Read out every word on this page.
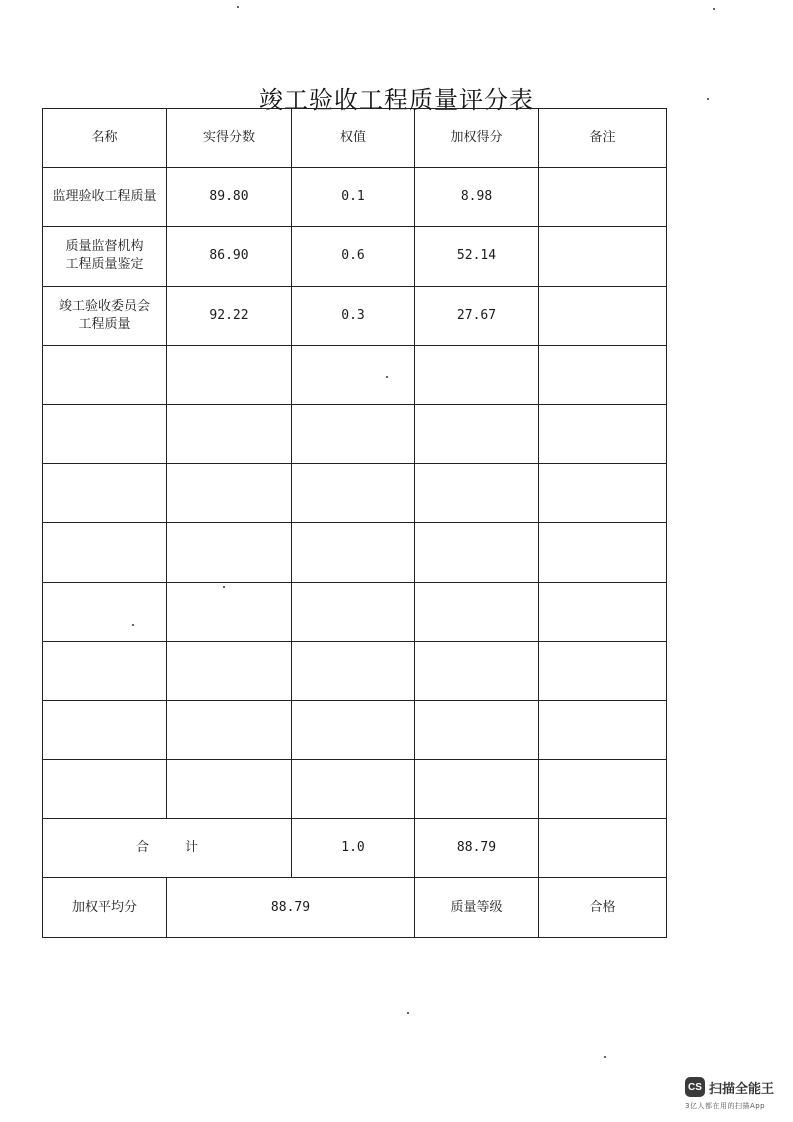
竣工验收工程质量评分表
名称	实得分数	权值	加权得分	备注
监理验收工程质量	89.80	0.1	8.98	
质量监督机构
工程质量鉴定	86.90	0.6	52.14	
竣工验收委员会
工程质量	92.22	0.3	27.67	

合 计		1.0	88.79	
加权平均分	88.79		质量等级	合格
CS 扫描全能王
3亿人都在用的扫描App
